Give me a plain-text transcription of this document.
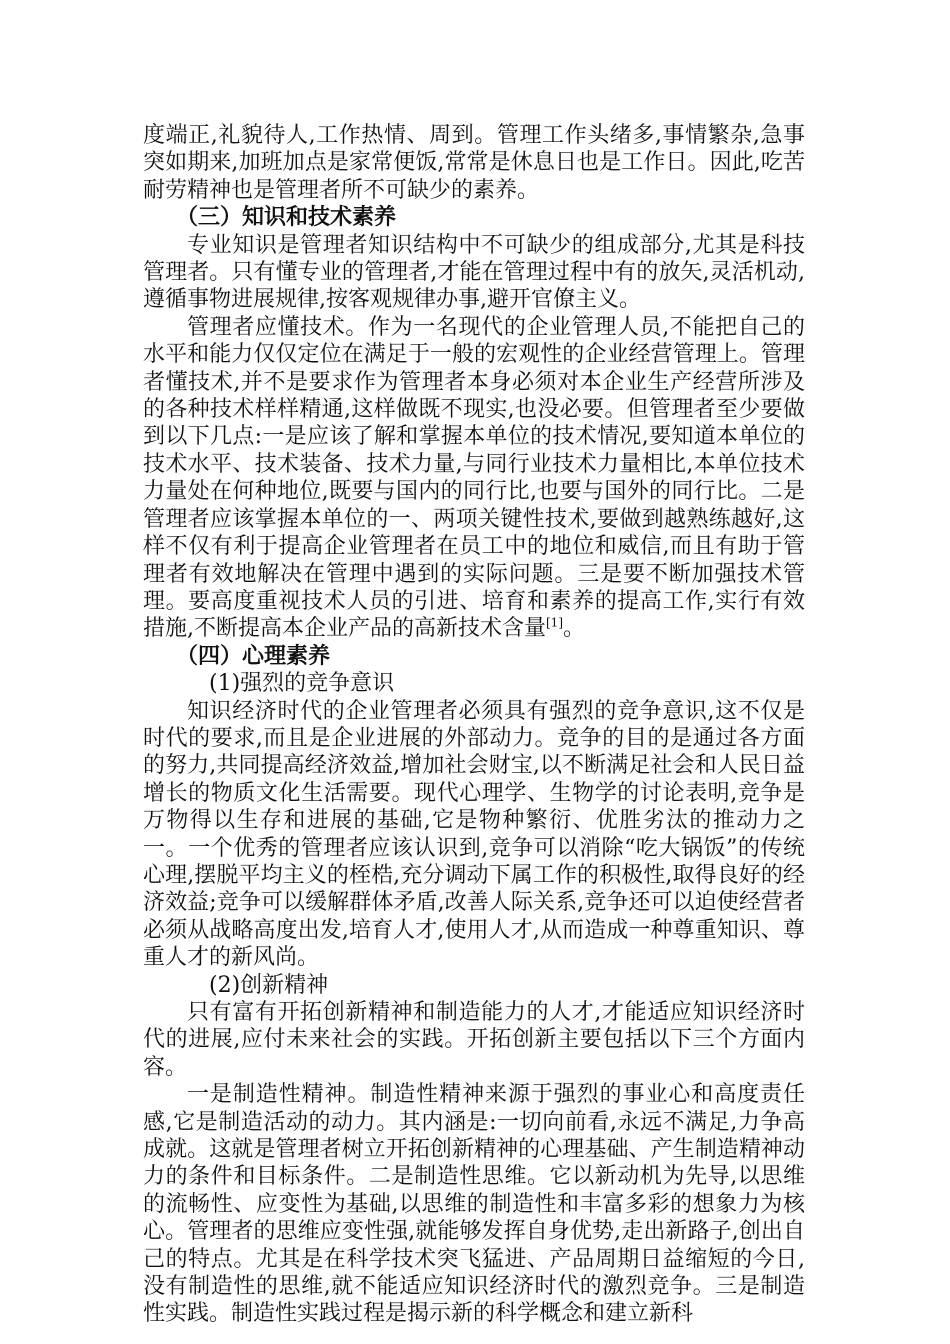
度端正,礼貌待人,工作热情、周到。管理工作头绪多,事情繁杂,急事突如期来,加班加点是家常便饭,常常是休息日也是工作日。因此,吃苦耐劳精神也是管理者所不可缺少的素养。

（三）知识和技术素养

专业知识是管理者知识结构中不可缺少的组成部分,尤其是科技管理者。只有懂专业的管理者,才能在管理过程中有的放矢,灵活机动,遵循事物进展规律,按客观规律办事,避开官僚主义。

管理者应懂技术。作为一名现代的企业管理人员,不能把自己的水平和能力仅仅定位在满足于一般的宏观性的企业经营管理上。管理者懂技术,并不是要求作为管理者本身必须对本企业生产经营所涉及的各种技术样样精通,这样做既不现实,也没必要。但管理者至少要做到以下几点:一是应该了解和掌握本单位的技术情况,要知道本单位的技术水平、技术装备、技术力量,与同行业技术力量相比,本单位技术力量处在何种地位,既要与国内的同行比,也要与国外的同行比。二是管理者应该掌握本单位的一、两项关键性技术,要做到越熟练越好,这样不仅有利于提高企业管理者在员工中的地位和威信,而且有助于管理者有效地解决在管理中遇到的实际问题。三是要不断加强技术管理。要高度重视技术人员的引进、培育和素养的提高工作,实行有效措施,不断提高本企业产品的高新技术含量[1]。

（四）心理素养

(1)强烈的竞争意识

知识经济时代的企业管理者必须具有强烈的竞争意识,这不仅是时代的要求,而且是企业进展的外部动力。竞争的目的是通过各方面的努力,共同提高经济效益,增加社会财宝,以不断满足社会和人民日益增长的物质文化生活需要。现代心理学、生物学的讨论表明,竞争是万物得以生存和进展的基础,它是物种繁衍、优胜劣汰的推动力之一。一个优秀的管理者应该认识到,竞争可以消除“吃大锅饭”的传统心理,摆脱平均主义的桎梏,充分调动下属工作的积极性,取得良好的经济效益;竞争可以缓解群体矛盾,改善人际关系,竞争还可以迫使经营者必须从战略高度出发,培育人才,使用人才,从而造成一种尊重知识、尊重人才的新风尚。

(2)创新精神

只有富有开拓创新精神和制造能力的人才,才能适应知识经济时代的进展,应付未来社会的实践。开拓创新主要包括以下三个方面内容。

一是制造性精神。制造性精神来源于强烈的事业心和高度责任感,它是制造活动的动力。其内涵是:一切向前看,永远不满足,力争高成就。这就是管理者树立开拓创新精神的心理基础、产生制造精神动力的条件和目标条件。二是制造性思维。它以新动机为先导,以思维的流畅性、应变性为基础,以思维的制造性和丰富多彩的想象力为核心。管理者的思维应变性强,就能够发挥自身优势,走出新路子,创出自己的特点。尤其是在科学技术突飞猛进、产品周期日益缩短的今日,没有制造性的思维,就不能适应知识经济时代的激烈竞争。三是制造性实践。制造性实践过程是揭示新的科学概念和建立新科
